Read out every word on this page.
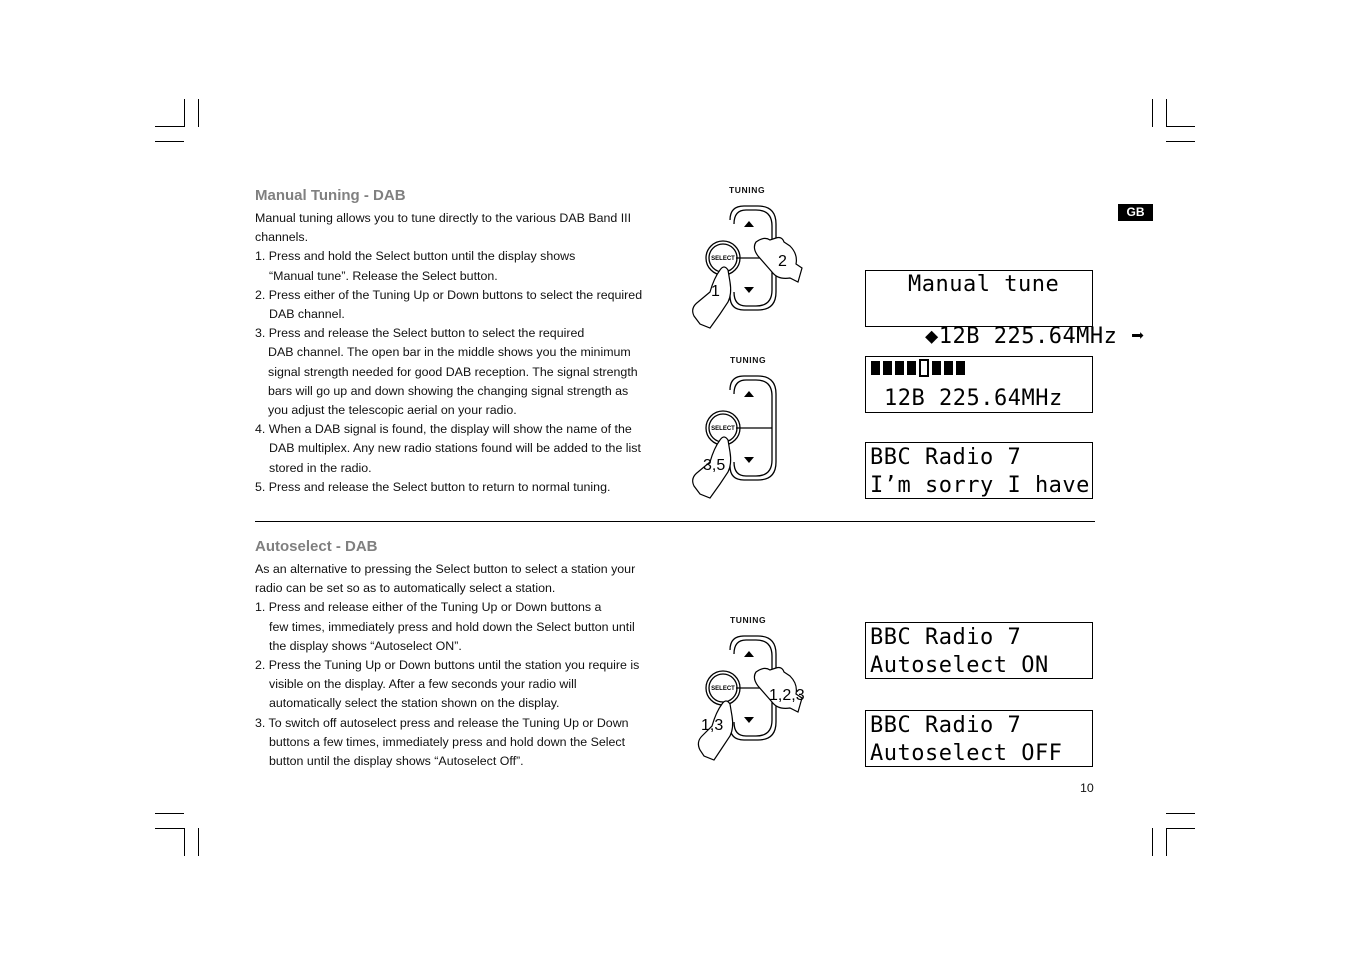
GB
Manual Tuning - DAB

Manual tuning allows you to tune directly to the various DAB Band III channels.

1. Press and hold the Select button until the display shows

“Manual tune”. Release the Select button.

2. Press either of the Tuning Up or Down buttons to select the required

DAB channel.

3. Press and release the Select button to select the required

DAB channel. The open bar in the middle shows you the minimum

signal strength needed for good DAB reception. The signal strength

bars will go up and down showing the changing signal strength as

you adjust the telescopic aerial on your radio.

4. When a DAB signal is found, the display will show the name of the

DAB multiplex. Any new radio stations found will be added to the list

stored in the radio.

5. Press and release the Select button to return to normal tuning.

Autoselect - DAB

As an alternative to pressing the Select button to select a station your

radio can be set so as to automatically select a station.

1. Press and release either of the Tuning Up or Down buttons a

few times, immediately press and hold down the Select button until

the display shows “Autoselect ON”.

2. Press the Tuning Up or Down buttons until the station you require is

visible on the display. After a few seconds your radio will

automatically select the station shown on the display.

3. To switch off autoselect press and release the Tuning Up or Down

buttons a few times, immediately press and hold down the Select

button until the display shows “Autoselect Off”.

TUNING
SELECT	2
1
TUNING
SELECT
3,5
TUNING
SELECT 1,2,3
1,3
Manual tune

◆12B 225.64MHz ➡

12B 225.64MHz
BBC Radio 7
I’m sorry I have
BBC Radio 7
Autoselect ON
BBC Radio 7
Autoselect OFF
10
